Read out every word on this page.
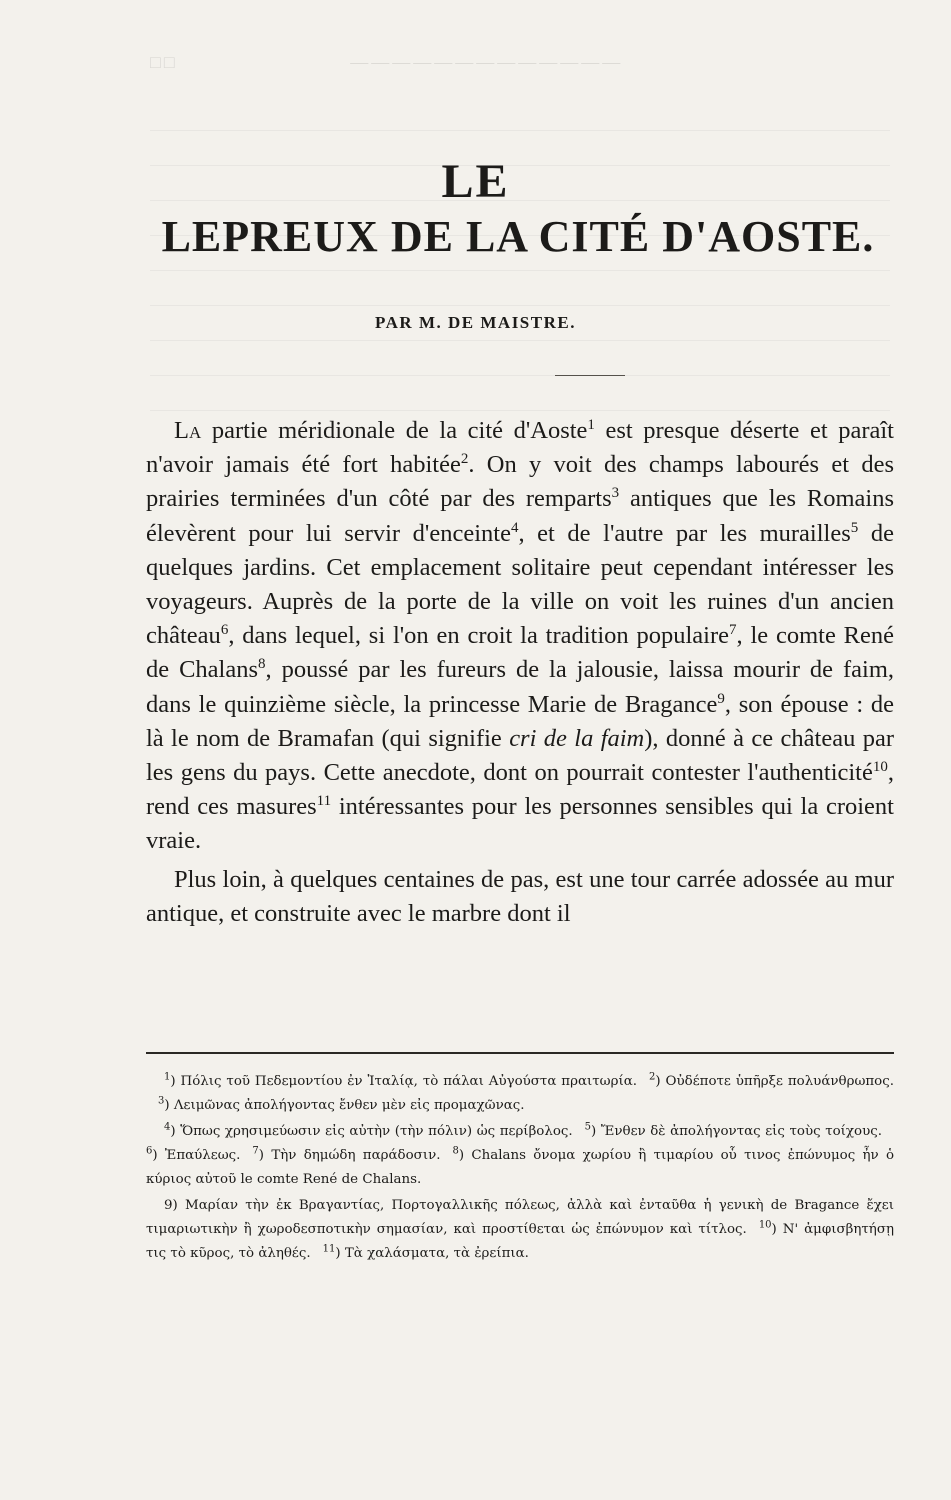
□□                       ―――――――――――――
LE
LEPREUX DE LA CITÉ D'AOSTE.
PAR M. DE MAISTRE.

La partie méridionale de la cité d'Aoste$^1$ est presque déserte et paraît n'avoir jamais été fort habitée$^2$. On y voit des champs labourés et des prairies terminées d'un côté par des remparts$^3$ antiques que les Romains élevèrent pour lui servir d'enceinte$^4$, et de l'autre par les murailles$^5$ de quelques jardins. Cet emplacement solitaire peut cependant intéresser les voyageurs. Auprès de la porte de la ville on voit les ruines d'un ancien château$^6$, dans lequel, si l'on en croit la tradition populaire$^7$, le comte René de Chalans$^8$, poussé par les fureurs de la jalousie, laissa mourir de faim, dans le quinzième siècle, la princesse Marie de Bragance$^9$, son épouse : de là le nom de Bramafan (qui signifie cri de la faim), donné à ce château par les gens du pays. Cette anecdote, dont on pourrait contester l'authenticité$^{10}$, rend ces masures$^{11}$ intéressantes pour les personnes sensibles qui la croient vraie.

Plus loin, à quelques centaines de pas, est une tour carrée adossée au mur antique, et construite avec le marbre dont il

$^1$) Πόλις τοῦ Πεδεμοντίου ἐν Ἰταλίᾳ, τὸ πάλαι Αὐγούστα πραιτωρία. $^2$) Οὐδέποτε ὑπῆρξε πολυάνθρωπος.$^3$) Λειμῶνας ἀπολήγοντας ἔνθεν μὲν εἰς προμαχῶνας.

$^4$) Ὅπως χρησιμεύωσιν εἰς αὐτὴν (τὴν πόλιν) ὡς περίβολος. $^5$) Ἔνθεν δὲ ἀπολήγοντας εἰς τοὺς τοίχους.$^6$) Ἐπαύλεως. $^7$) Τὴν δημώδη παράδοσιν. $^8$) Chalans ὄνομα χωρίου ἢ τιμαρίου οὗ τινος ἐπώνυμος ἦν ὁ κύριος αὐτοῦ le comte René de Chalans.

9) Μαρίαν τὴν ἐκ Βραγαντίας, Πορτογαλλικῆς πόλεως, ἀλλὰ καὶ ἐνταῦθα ἡ γενικὴ de Bragance ἔχει τιμαριωτικὴν ἢ χωροδεσποτικὴν σημασίαν, καὶ προστίθεται ὡς ἐπώνυμον καὶ τίτλος. $^{10}$) Ν' ἀμφισβητήσῃ τις τὸ κῦρος, τὸ ἀληθές. $^{11}$) Τὰ χαλάσματα, τὰ ἐρείπια.
